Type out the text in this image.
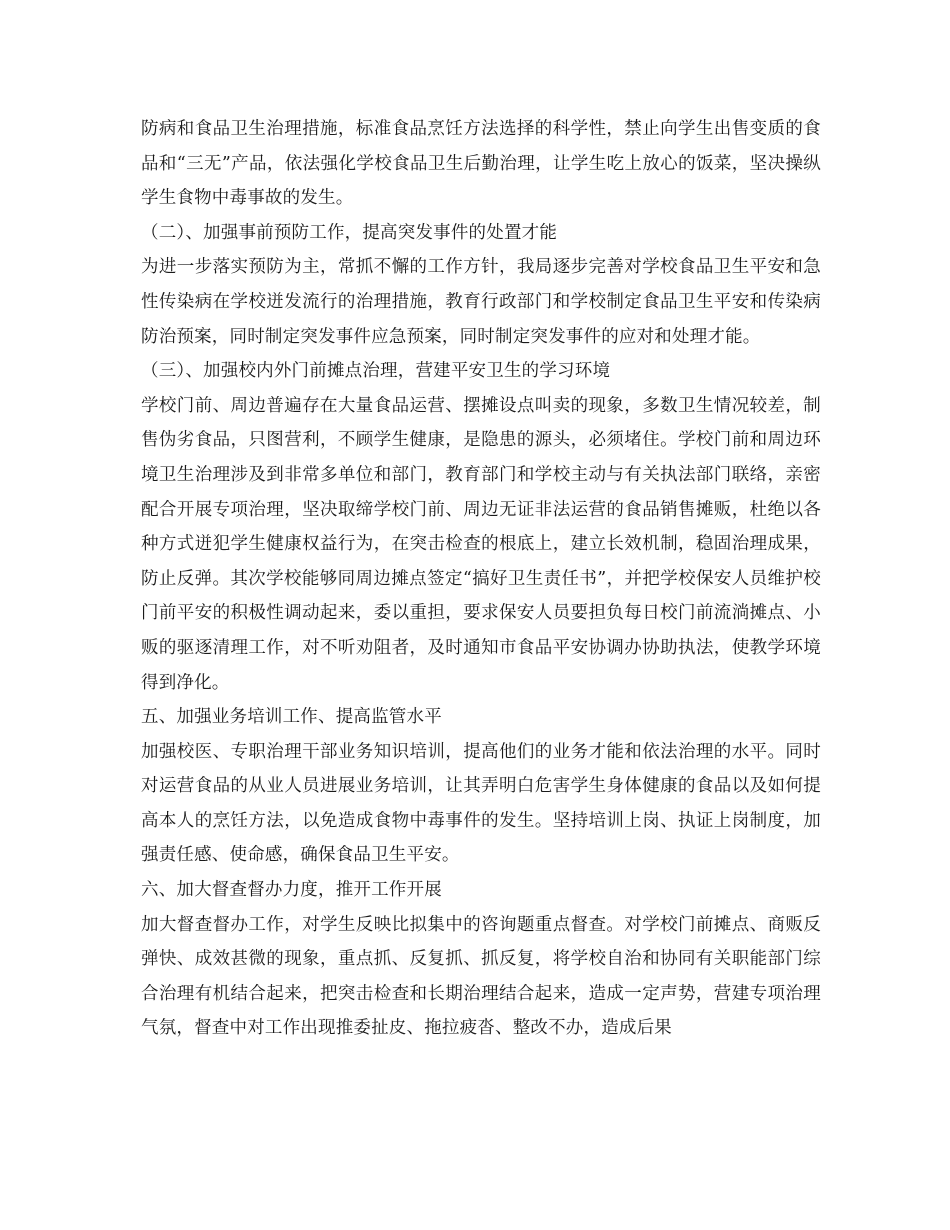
防病和食品卫生治理措施，标准食品烹饪方法选择的科学性，禁止向学生出售变质的食品和“三无”产品，依法强化学校食品卫生后勤治理，让学生吃上放心的饭菜，坚决操纵学生食物中毒事故的发生。

（二）、加强事前预防工作，提高突发事件的处置才能

为进一步落实预防为主，常抓不懈的工作方针，我局逐步完善对学校食品卫生平安和急性传染病在学校迸发流行的治理措施，教育行政部门和学校制定食品卫生平安和传染病防治预案，同时制定突发事件应急预案，同时制定突发事件的应对和处理才能。

（三）、加强校内外门前摊点治理，营建平安卫生的学习环境

学校门前、周边普遍存在大量食品运营、摆摊设点叫卖的现象，多数卫生情况较差，制售伪劣食品，只图营利，不顾学生健康，是隐患的源头，必须堵住。学校门前和周边环境卫生治理涉及到非常多单位和部门，教育部门和学校主动与有关执法部门联络，亲密配合开展专项治理，坚决取缔学校门前、周边无证非法运营的食品销售摊贩，杜绝以各种方式迸犯学生健康权益行为，在突击检查的根底上，建立长效机制，稳固治理成果，防止反弹。其次学校能够同周边摊点签定“搞好卫生责任书”，并把学校保安人员维护校门前平安的积极性调动起来，委以重担，要求保安人员要担负每日校门前流淌摊点、小贩的驱逐清理工作，对不听劝阻者，及时通知市食品平安协调办协助执法，使教学环境得到净化。

五、加强业务培训工作、提高监管水平

加强校医、专职治理干部业务知识培训，提高他们的业务才能和依法治理的水平。同时对运营食品的从业人员进展业务培训，让其弄明白危害学生身体健康的食品以及如何提高本人的烹饪方法，以免造成食物中毒事件的发生。坚持培训上岗、执证上岗制度，加强责任感、使命感，确保食品卫生平安。

六、加大督查督办力度，推开工作开展

加大督查督办工作，对学生反映比拟集中的咨询题重点督查。对学校门前摊点、商贩反弹快、成效甚微的现象，重点抓、反复抓、抓反复，将学校自治和协同有关职能部门综合治理有机结合起来，把突击检查和长期治理结合起来，造成一定声势，营建专项治理气氛，督查中对工作出现推委扯皮、拖拉疲沓、整改不办，造成后果
